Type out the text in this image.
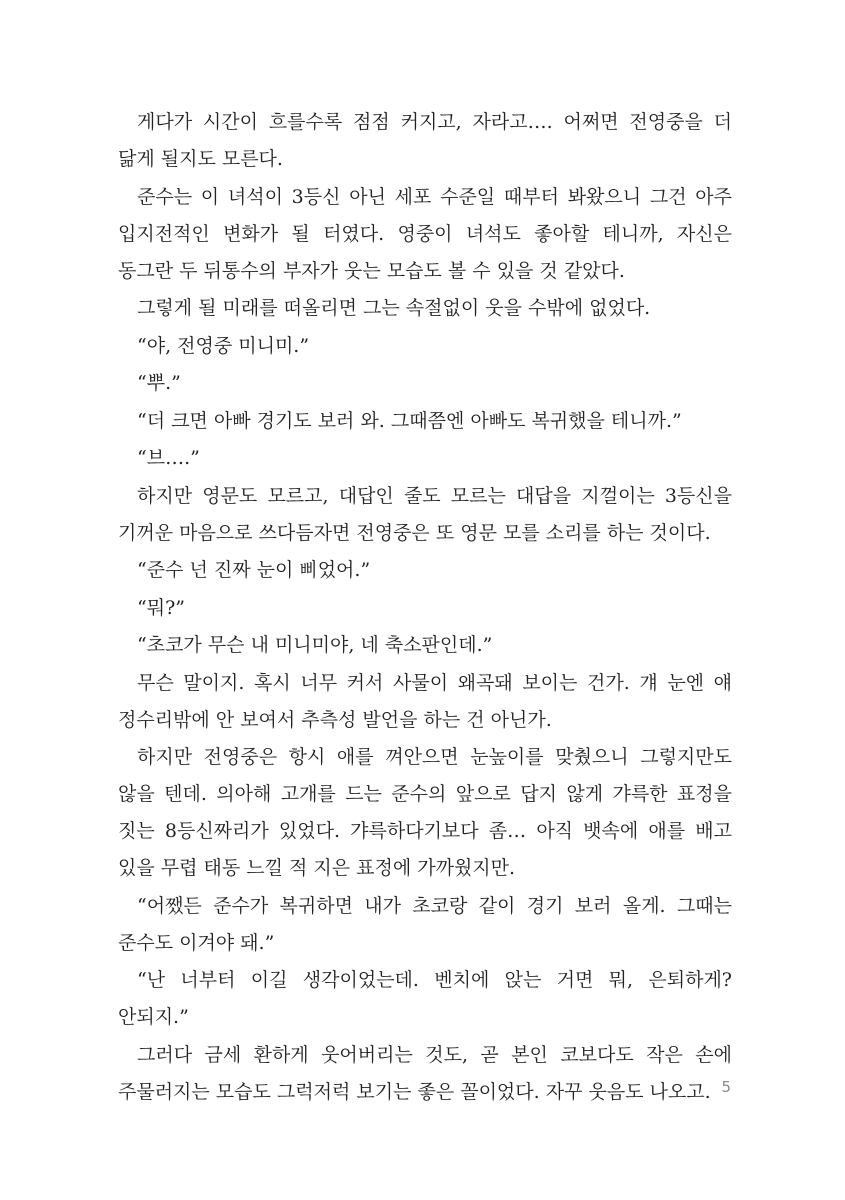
게다가 시간이 흐를수록 점점 커지고, 자라고…. 어쩌면 전영중을 더 닮게 될지도 모른다.

준수는 이 녀석이 3등신 아닌 세포 수준일 때부터 봐왔으니 그건 아주 입지전적인 변화가 될 터였다. 영중이 녀석도 좋아할 테니까, 자신은 동그란 두 뒤통수의 부자가 웃는 모습도 볼 수 있을 것 같았다.

그렇게 될 미래를 떠올리면 그는 속절없이 웃을 수밖에 없었다.

“야, 전영중 미니미.”

“뿌.”

“더 크면 아빠 경기도 보러 와. 그때쯤엔 아빠도 복귀했을 테니까.”

“브….”

하지만 영문도 모르고, 대답인 줄도 모르는 대답을 지껄이는 3등신을 기꺼운 마음으로 쓰다듬자면 전영중은 또 영문 모를 소리를 하는 것이다.

“준수 넌 진짜 눈이 삐었어.”

“뭐?”

“초코가 무슨 내 미니미야, 네 축소판인데.”

무슨 말이지. 혹시 너무 커서 사물이 왜곡돼 보이는 건가. 걔 눈엔 얘 정수리밖에 안 보여서 추측성 발언을 하는 건 아닌가.

하지만 전영중은 항시 애를 껴안으면 눈높이를 맞췄으니 그렇지만도 않을 텐데. 의아해 고개를 드는 준수의 앞으로 답지 않게 갸륵한 표정을 짓는 8등신짜리가 있었다. 갸륵하다기보다 좀… 아직 뱃속에 애를 배고 있을 무렵 태동 느낄 적 지은 표정에 가까웠지만.

“어쨌든 준수가 복귀하면 내가 초코랑 같이 경기 보러 올게. 그때는 준수도 이겨야 돼.”

“난 너부터 이길 생각이었는데. 벤치에 앉는 거면 뭐, 은퇴하게? 안되지.”

그러다 금세 환하게 웃어버리는 것도, 곧 본인 코보다도 작은 손에 주물러지는 모습도 그럭저럭 보기는 좋은 꼴이었다. 자꾸 웃음도 나오고. 5
